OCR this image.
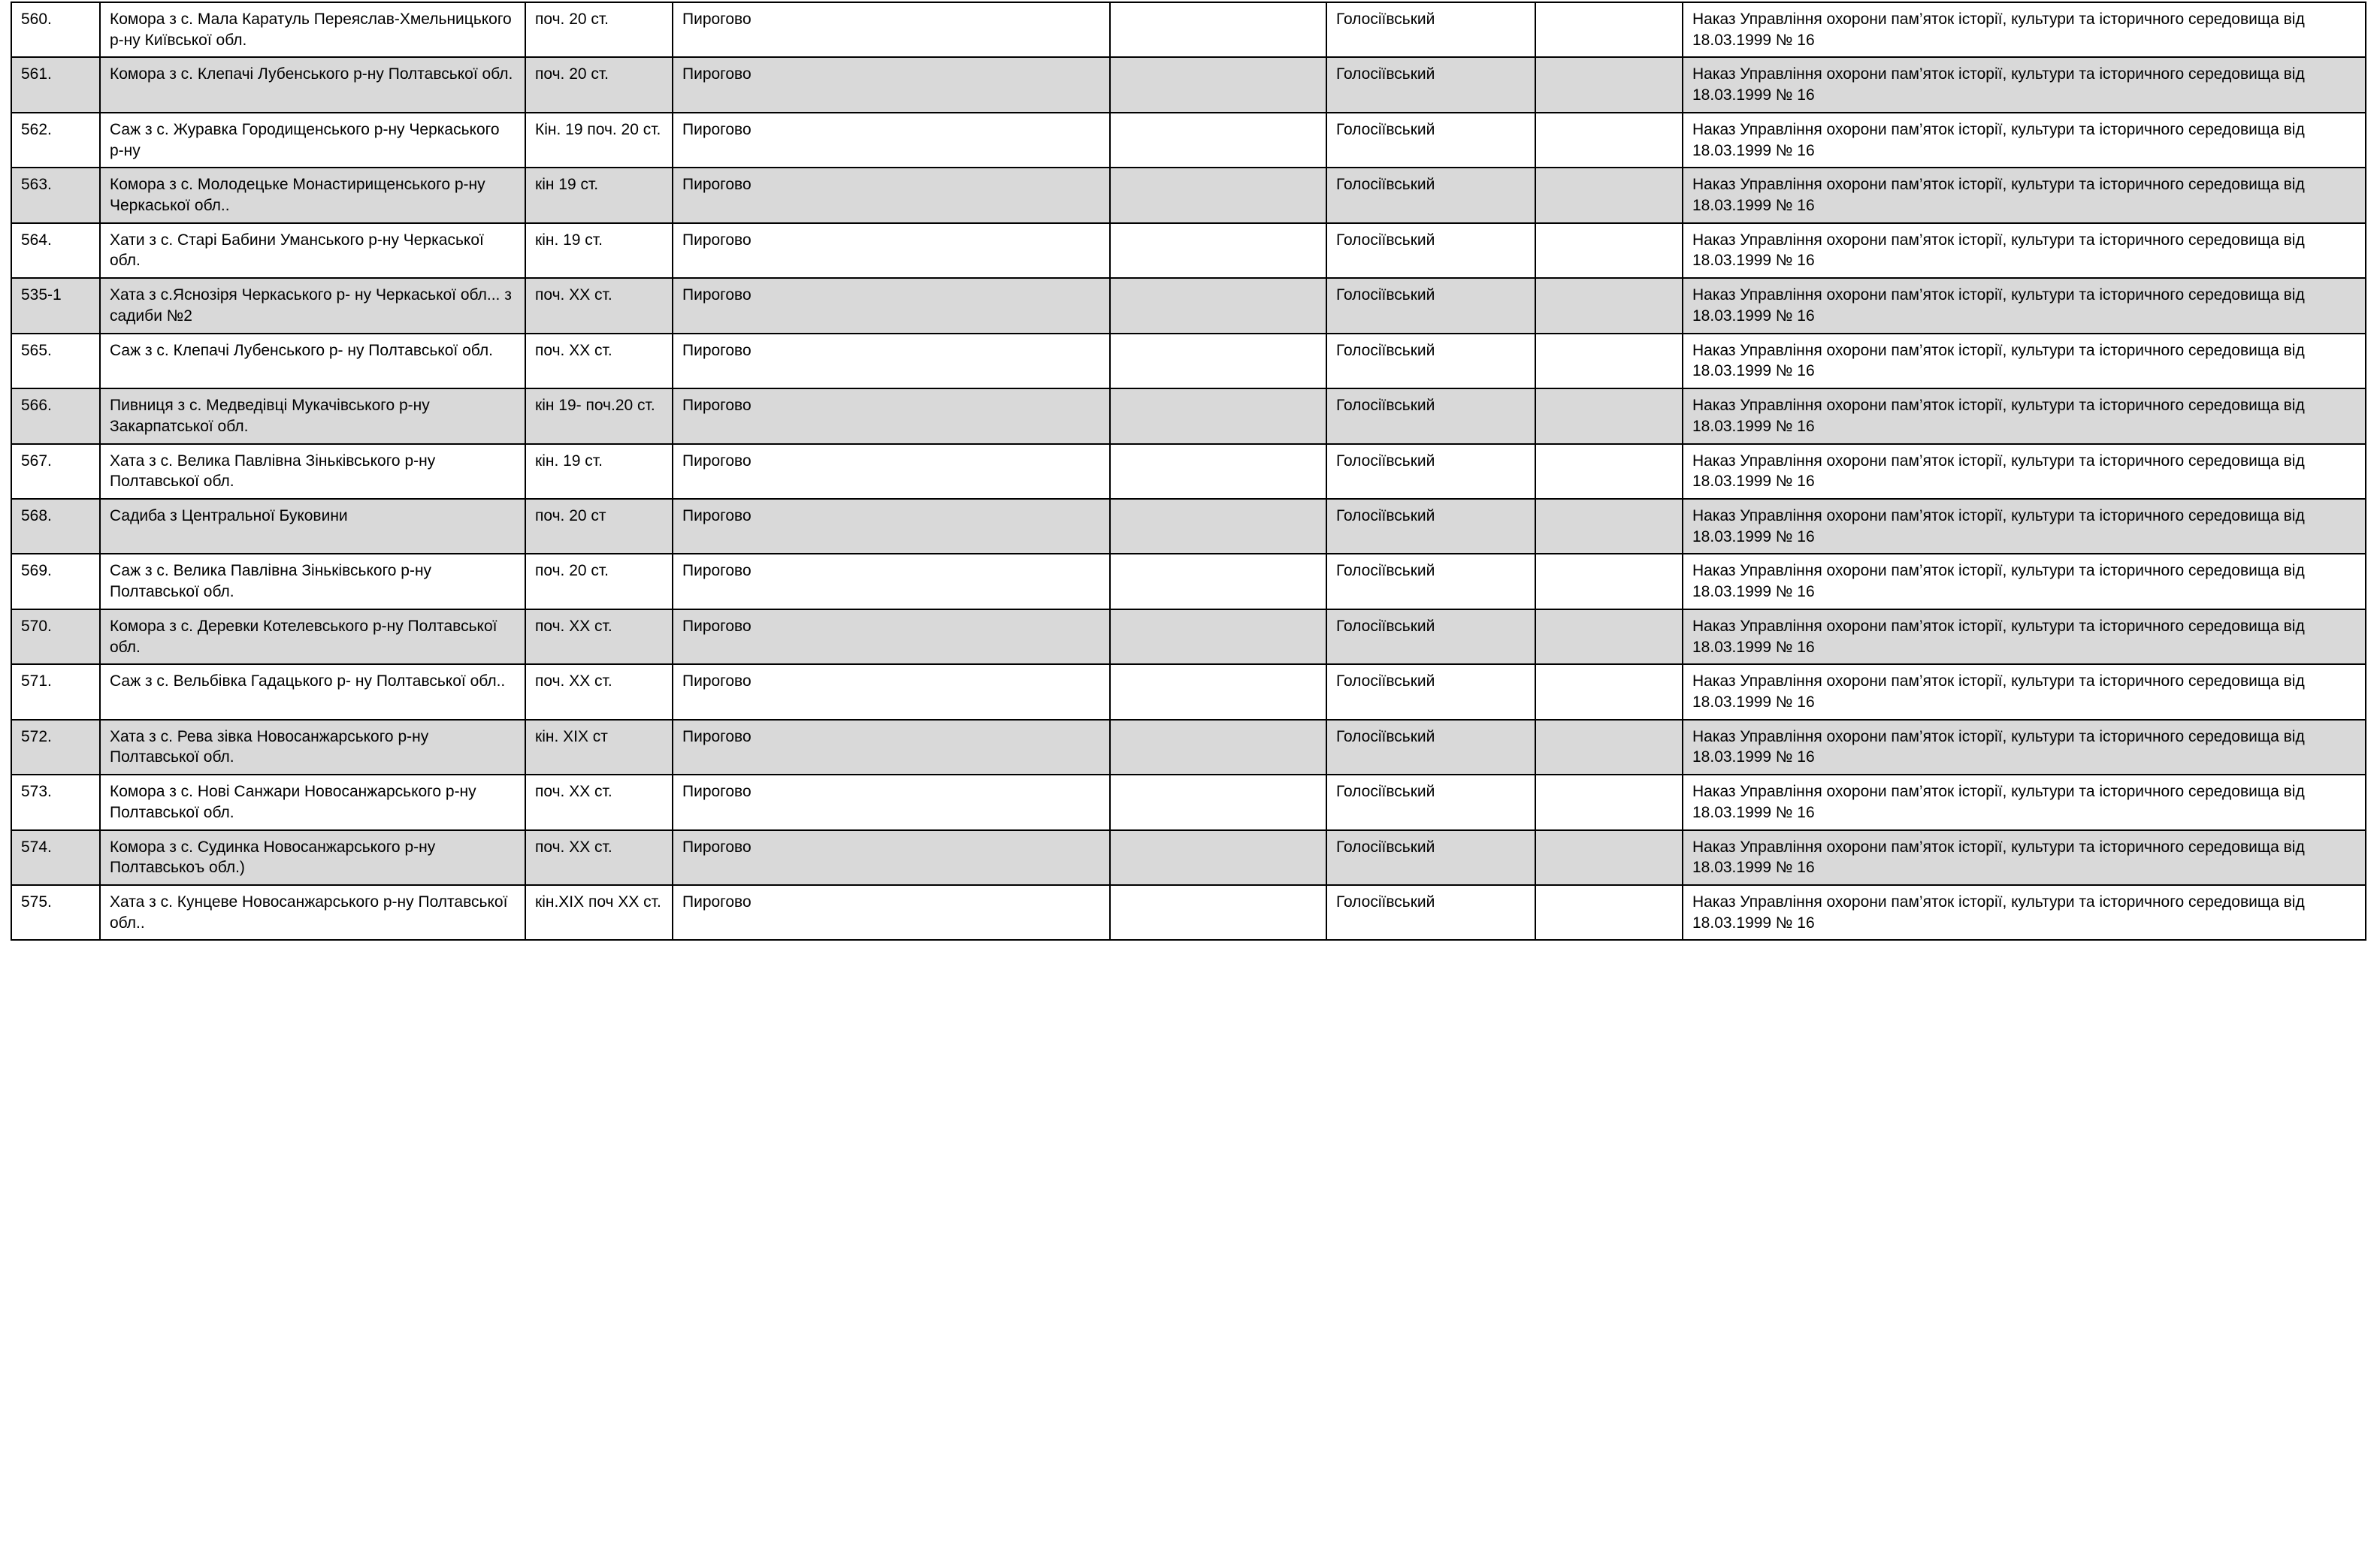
560.	Комора з с. Мала Каратуль Переяслав-Хмельницького р-ну Київської обл.	поч. 20 ст.	Пирогово		Голосіївський		Наказ Управління охорони пам’яток історії, культури та історичного середовища від 18.03.1999 № 16
561.	Комора з с. Клепачі Лубенського р-ну Полтавської обл.	поч. 20 ст.	Пирогово		Голосіївський		Наказ Управління охорони пам’яток історії, культури та історичного середовища від 18.03.1999 № 16
562.	Саж з с. Журавка Городищенського р-ну Черкаського р-ну	Кін. 19 поч. 20 ст.	Пирогово		Голосіївський		Наказ Управління охорони пам’яток історії, культури та історичного середовища від 18.03.1999 № 16
563.	Комора з с. Молодецьке Монастирищенського р-ну Черкаської обл..	кін 19 ст.	Пирогово		Голосіївський		Наказ Управління охорони пам’яток історії, культури та історичного середовища від 18.03.1999 № 16
564.	Хати з с. Старі Бабини Уманського р-ну Черкаської обл.	кін. 19 ст.	Пирогово		Голосіївський		Наказ Управління охорони пам’яток історії, культури та історичного середовища від 18.03.1999 № 16
535-1	Хата з с.Яснозіря Черкаського р- ну Черкаської обл... з садиби №2	поч. ХХ ст.	Пирогово		Голосіївський		Наказ Управління охорони пам’яток історії, культури та історичного середовища від 18.03.1999 № 16
565.	Саж з с. Клепачі Лубенського р- ну Полтавської обл.	поч. ХХ ст.	Пирогово		Голосіївський		Наказ Управління охорони пам’яток історії, культури та історичного середовища від 18.03.1999 № 16
566.	Пивниця з с. Медведівці Мукачівського р-ну Закарпатської обл.	кін 19- поч.20 ст.	Пирогово		Голосіївський		Наказ Управління охорони пам’яток історії, культури та історичного середовища від 18.03.1999 № 16
567.	Хата з с. Велика Павлівна Зіньківського р-ну Полтавської обл.	кін. 19 ст.	Пирогово		Голосіївський		Наказ Управління охорони пам’яток історії, культури та історичного середовища від 18.03.1999 № 16
568.	Садиба з Центральної Буковини	поч. 20 ст	Пирогово		Голосіївський		Наказ Управління охорони пам’яток історії, культури та історичного середовища від 18.03.1999 № 16
569.	Саж з с. Велика Павлівна Зіньківського р-ну Полтавської обл.	поч. 20 ст.	Пирогово		Голосіївський		Наказ Управління охорони пам’яток історії, культури та історичного середовища від 18.03.1999 № 16
570.	Комора з с. Деревки Котелевського р-ну Полтавської обл.	поч. ХХ ст.	Пирогово		Голосіївський		Наказ Управління охорони пам’яток історії, культури та історичного середовища від 18.03.1999 № 16
571.	Саж з с. Вельбівка Гадацького р- ну Полтавської обл..	поч. ХХ ст.	Пирогово		Голосіївський		Наказ Управління охорони пам’яток історії, культури та історичного середовища від 18.03.1999 № 16
572.	Хата з с. Рева зівка Новосанжарського р-ну Полтавської обл.	кін. ХІХ ст	Пирогово		Голосіївський		Наказ Управління охорони пам’яток історії, культури та історичного середовища від 18.03.1999 № 16
573.	Комора з с. Нові Санжари Новосанжарського р-ну Полтавської обл.	поч. ХХ ст.	Пирогово		Голосіївський		Наказ Управління охорони пам’яток історії, культури та історичного середовища від 18.03.1999 № 16
574.	Комора з с. Судинка Новосанжарського р-ну Полтавськоъ обл.)	поч. ХХ ст.	Пирогово		Голосіївський		Наказ Управління охорони пам’яток історії, культури та історичного середовища від 18.03.1999 № 16
575.	Хата з с. Кунцеве Новосанжарського р-ну Полтавської обл..	кін.ХІХ поч ХХ ст.	Пирогово		Голосіївський		Наказ Управління охорони пам’яток історії, культури та історичного середовища від 18.03.1999 № 16
